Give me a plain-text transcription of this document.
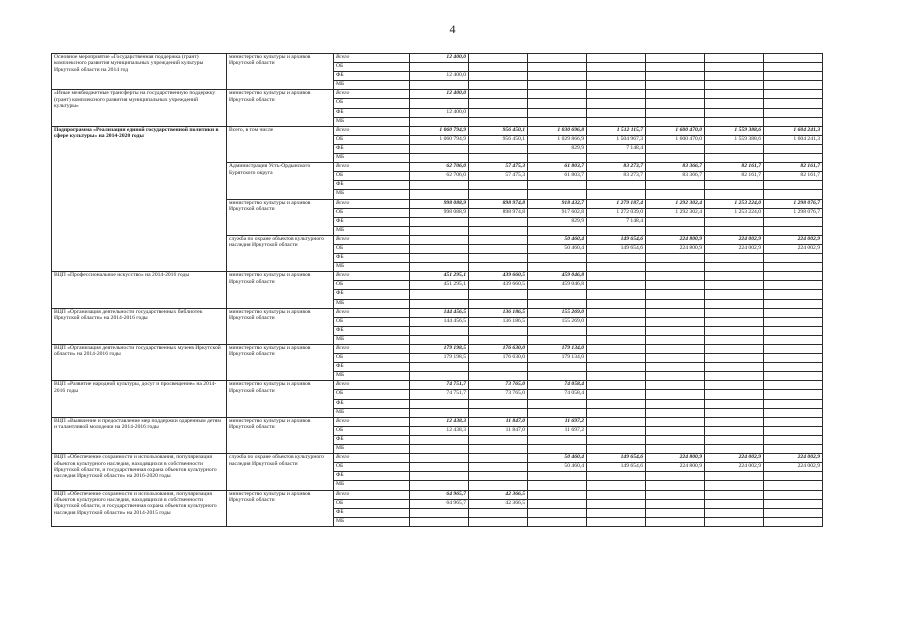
4
Основное мероприятие «Государственная поддержка (грант) комплексного развития муниципальных учреждений культуры Иркутской области на 2014 год	министерство культуры и архивов Иркутской области	Всего	12 400,0						
		ОБ							
		ФБ	12 400,0						
		МБ							
«Иные межбюджетные трансферты на государственную поддержку (грант) комплексного развития муниципальных учреждений культуры»	министерство культуры и архивов Иркутской области	Всего	12 400,0						
		ОБ							
		ФБ	12 400,0						
		МБ							
Подпрограмма «Реализация единой государственной политики в сфере культуры» на 2014-2020 годы	Всего, в том числе	Всего	1 060 794,9	956 450,1	1 030 696,8	1 512 115,7	1 600 470,0	1 559 388,6	1 604 241,3
		ОБ	1 060 794,9	956 450,1	1 029 866,9	1 504 967,3	1 600 470,0	1 559 388,6	1 604 241,3
		ФБ			829,9	7 148,4			
		МБ							
	Администрация Усть-Ордынского Бурятского округа	Всего	62 706,0	57 475,3	61 803,7	83 273,7	83 366,7	82 161,7	82 161,7
		ОБ	62 706,0	57 475,3	61 803,7	83 273,7	83 366,7	82 161,7	82 161,7
		ФБ							
		МБ							
	министерство культуры и архивов Иркутской области	Всего	998 088,9	898 974,8	918 432,7	1 279 187,4	1 292 302,4	1 253 224,0	1 298 076,7
		ОБ	998 088,9	898 974,8	917 602,8	1 272 039,0	1 292 302,4	1 253 224,0	1 298 076,7
		ФБ			829,9	7 148,4			
		МБ							
	служба по охране объектов культурного наследия Иркутской области	Всего			50 460,4	149 654,6	224 800,9	224 002,9	224 002,9
		ОБ			50 460,4	149 654,6	224 800,9	224 002,9	224 002,9
		ФБ							
		МБ							
ВЦП «Профессиональное искусство» на 2014-2016 годы	министерство культуры и архивов Иркутской области	Всего	451 295,1	439 660,5	459 046,8				
		ОБ	451 295,1	439 660,5	459 046,8				
		ФБ							
		МБ							
ВЦП «Организация деятельности государственных библиотек Иркутской области» на 2014-2016 годы	министерство культуры и архивов Иркутской области	Всего	144 456,5	136 186,5	155 269,0				
		ОБ	144 456,5	136 186,5	155 269,0				
		ФБ							
		МБ							
ВЦП «Организация деятельности государственных музеев Иркутской области» на 2014-2016 годы	министерство культуры и архивов Иркутской области	Всего	179 198,5	176 630,0	179 134,0				
		ОБ	179 198,5	176 630,0	179 134,0				
		ФБ							
		МБ							
ВЦП «Развитие народной культуры, досуг и просвещение» на 2014-2016 годы	министерство культуры и архивов Иркутской области	Всего	74 751,7	73 765,0	74 058,4				
		ОБ	74 751,7	73 765,0	74 058,4				
		ФБ							
		МБ							
ВЦП «Выявление и предоставление мер поддержки одаренным детям и талантливой молодежи на 2014-2016 годы	министерство культуры и архивов Иркутской области	Всего	12 438,3	11 847,0	11 697,2				
		ОБ	12 438,3	11 847,0	11 697,2				
		ФБ							
		МБ							
ВЦП «Обеспечение сохранности и использования, популяризация объектов культурного наследия, находящихся в собственности Иркутской области, и государственная охрана объектов культурного наследия Иркутской области» на 2016-2020 годы	служба по охране объектов культурного наследия Иркутской области	Всего			50 460,4	149 654,6	224 800,9	224 002,9	224 002,9
		ОБ			50 460,4	149 654,6	224 800,9	224 002,9	224 002,9
		ФБ							
		МБ							
ВЦП «Обеспечение сохранности и использования, популяризация объектов культурного наследия, находящихся в собственности Иркутской области, и государственная охрана объектов культурного наследия Иркутской области» на 2014-2015 годы	министерство культуры и архивов Иркутской области	Всего	64 965,7	42 366,5					
		ОБ	64 965,7	42 366,5					
		ФБ							
		МБ							
